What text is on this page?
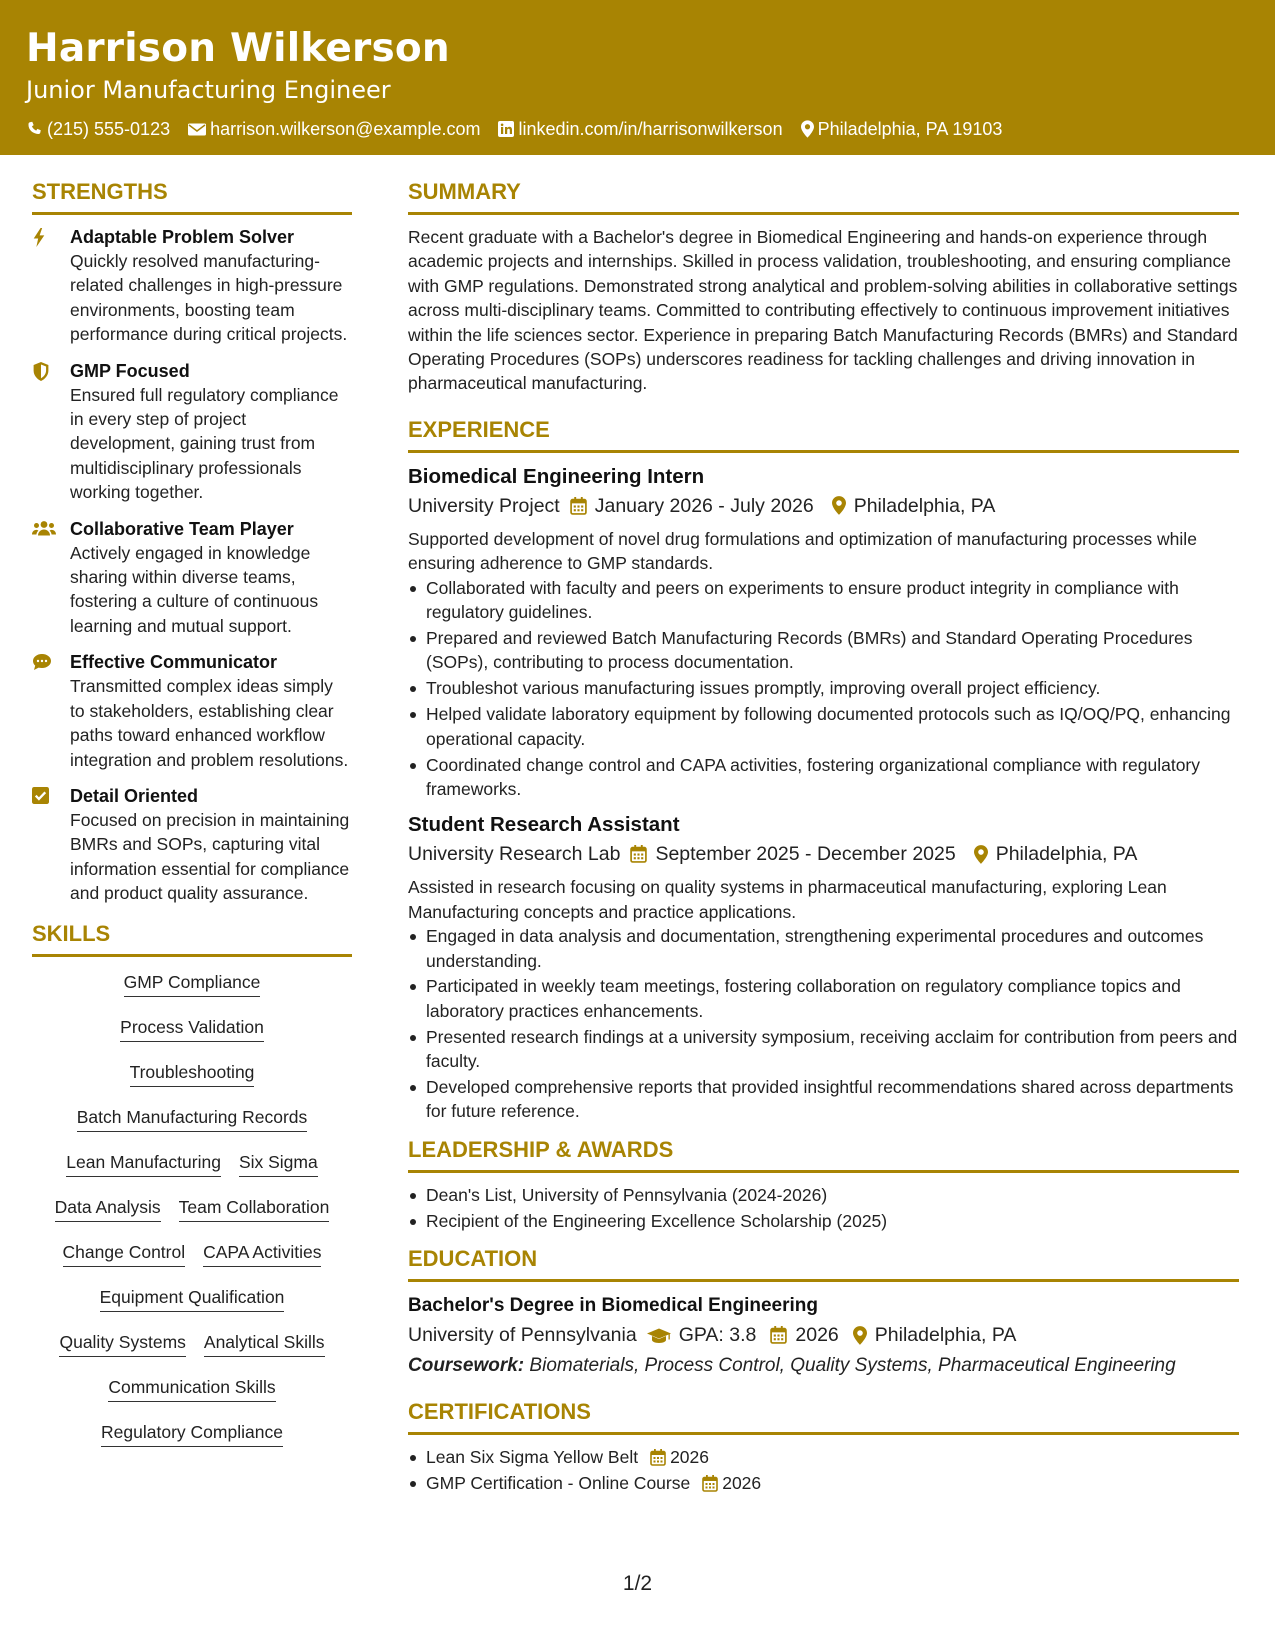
Harrison Wilkerson
Junior Manufacturing Engineer
(215) 555-0123 harrison.wilkerson@example.com linkedin.com/in/harrisonwilkerson Philadelphia, PA 19103
STRENGTHS
Adaptable Problem Solver
Quickly resolved manufacturing-related challenges in high-pressure environments, boosting team performance during critical projects.
GMP Focused
Ensured full regulatory compliance in every step of project development, gaining trust from multidisciplinary professionals working together.
Collaborative Team Player
Actively engaged in knowledge sharing within diverse teams, fostering a culture of continuous learning and mutual support.
Effective Communicator
Transmitted complex ideas simply to stakeholders, establishing clear paths toward enhanced workflow integration and problem resolutions.
Detail Oriented
Focused on precision in maintaining BMRs and SOPs, capturing vital information essential for compliance and product quality assurance.
SKILLS
GMP Compliance
Process Validation
Troubleshooting
Batch Manufacturing Records
Lean Manufacturing Six Sigma
Data Analysis Team Collaboration
Change Control CAPA Activities
Equipment Qualification
Quality Systems Analytical Skills
Communication Skills
Regulatory Compliance
SUMMARY
Recent graduate with a Bachelor's degree in Biomedical Engineering and hands-on experience through academic projects and internships. Skilled in process validation, troubleshooting, and ensuring compliance with GMP regulations. Demonstrated strong analytical and problem-solving abilities in collaborative settings across multi-disciplinary teams. Committed to contributing effectively to continuous improvement initiatives within the life sciences sector. Experience in preparing Batch Manufacturing Records (BMRs) and Standard Operating Procedures (SOPs) underscores readiness for tackling challenges and driving innovation in pharmaceutical manufacturing.
EXPERIENCE
Biomedical Engineering Intern
University Project January 2026 - July 2026 Philadelphia, PA
Supported development of novel drug formulations and optimization of manufacturing processes while ensuring adherence to GMP standards.
Collaborated with faculty and peers on experiments to ensure product integrity in compliance with regulatory guidelines.
Prepared and reviewed Batch Manufacturing Records (BMRs) and Standard Operating Procedures (SOPs), contributing to process documentation.
Troubleshot various manufacturing issues promptly, improving overall project efficiency.
Helped validate laboratory equipment by following documented protocols such as IQ/OQ/PQ, enhancing operational capacity.
Coordinated change control and CAPA activities, fostering organizational compliance with regulatory frameworks.
Student Research Assistant
University Research Lab September 2025 - December 2025 Philadelphia, PA
Assisted in research focusing on quality systems in pharmaceutical manufacturing, exploring Lean Manufacturing concepts and practice applications.
Engaged in data analysis and documentation, strengthening experimental procedures and outcomes understanding.
Participated in weekly team meetings, fostering collaboration on regulatory compliance topics and laboratory practices enhancements.
Presented research findings at a university symposium, receiving acclaim for contribution from peers and faculty.
Developed comprehensive reports that provided insightful recommendations shared across departments for future reference.
LEADERSHIP & AWARDS
Dean's List, University of Pennsylvania (2024-2026)
Recipient of the Engineering Excellence Scholarship (2025)
EDUCATION
Bachelor's Degree in Biomedical Engineering
University of Pennsylvania GPA: 3.8 2026 Philadelphia, PA
Coursework: Biomaterials, Process Control, Quality Systems, Pharmaceutical Engineering
CERTIFICATIONS
Lean Six Sigma Yellow Belt 2026
GMP Certification - Online Course 2026
1/2
